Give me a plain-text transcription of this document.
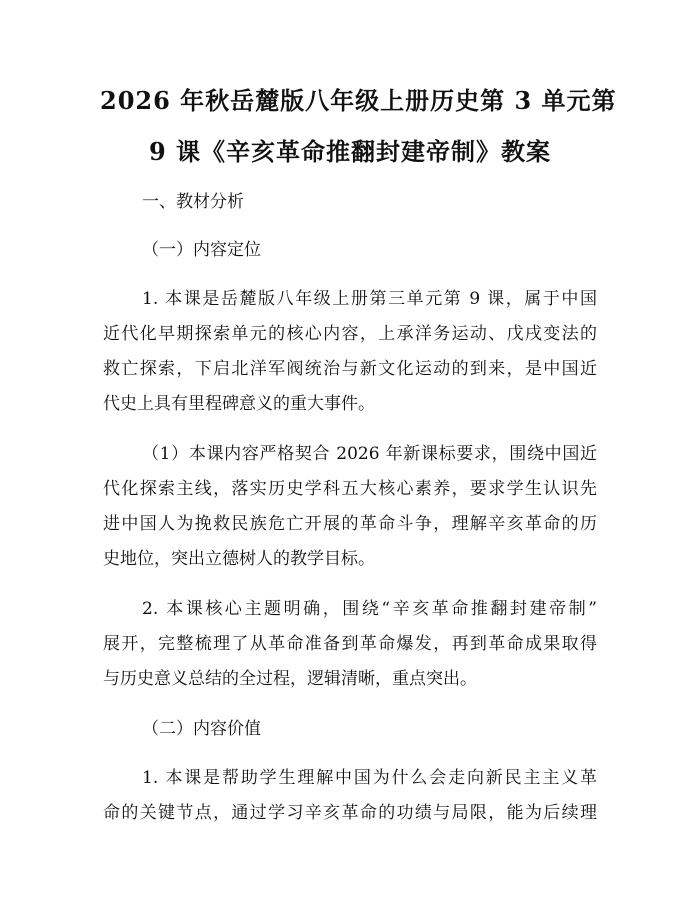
2026 年秋岳麓版八年级上册历史第 3 单元第
9 课《辛亥革命推翻封建帝制》教案
一、教材分析
（一）内容定位
1. 本课是岳麓版八年级上册第三单元第 9 课，属于中国
近代化早期探索单元的核心内容，上承洋务运动、戊戌变法的
救亡探索，下启北洋军阀统治与新文化运动的到来，是中国近
代史上具有里程碑意义的重大事件。
（1）本课内容严格契合 2026 年新课标要求，围绕中国近
代化探索主线，落实历史学科五大核心素养，要求学生认识先
进中国人为挽救民族危亡开展的革命斗争，理解辛亥革命的历
史地位，突出立德树人的教学目标。
2. 本课核心主题明确，围绕“辛亥革命推翻封建帝制”
展开，完整梳理了从革命准备到革命爆发，再到革命成果取得
与历史意义总结的全过程，逻辑清晰，重点突出。
（二）内容价值
1. 本课是帮助学生理解中国为什么会走向新民主主义革
命的关键节点，通过学习辛亥革命的功绩与局限，能为后续理
